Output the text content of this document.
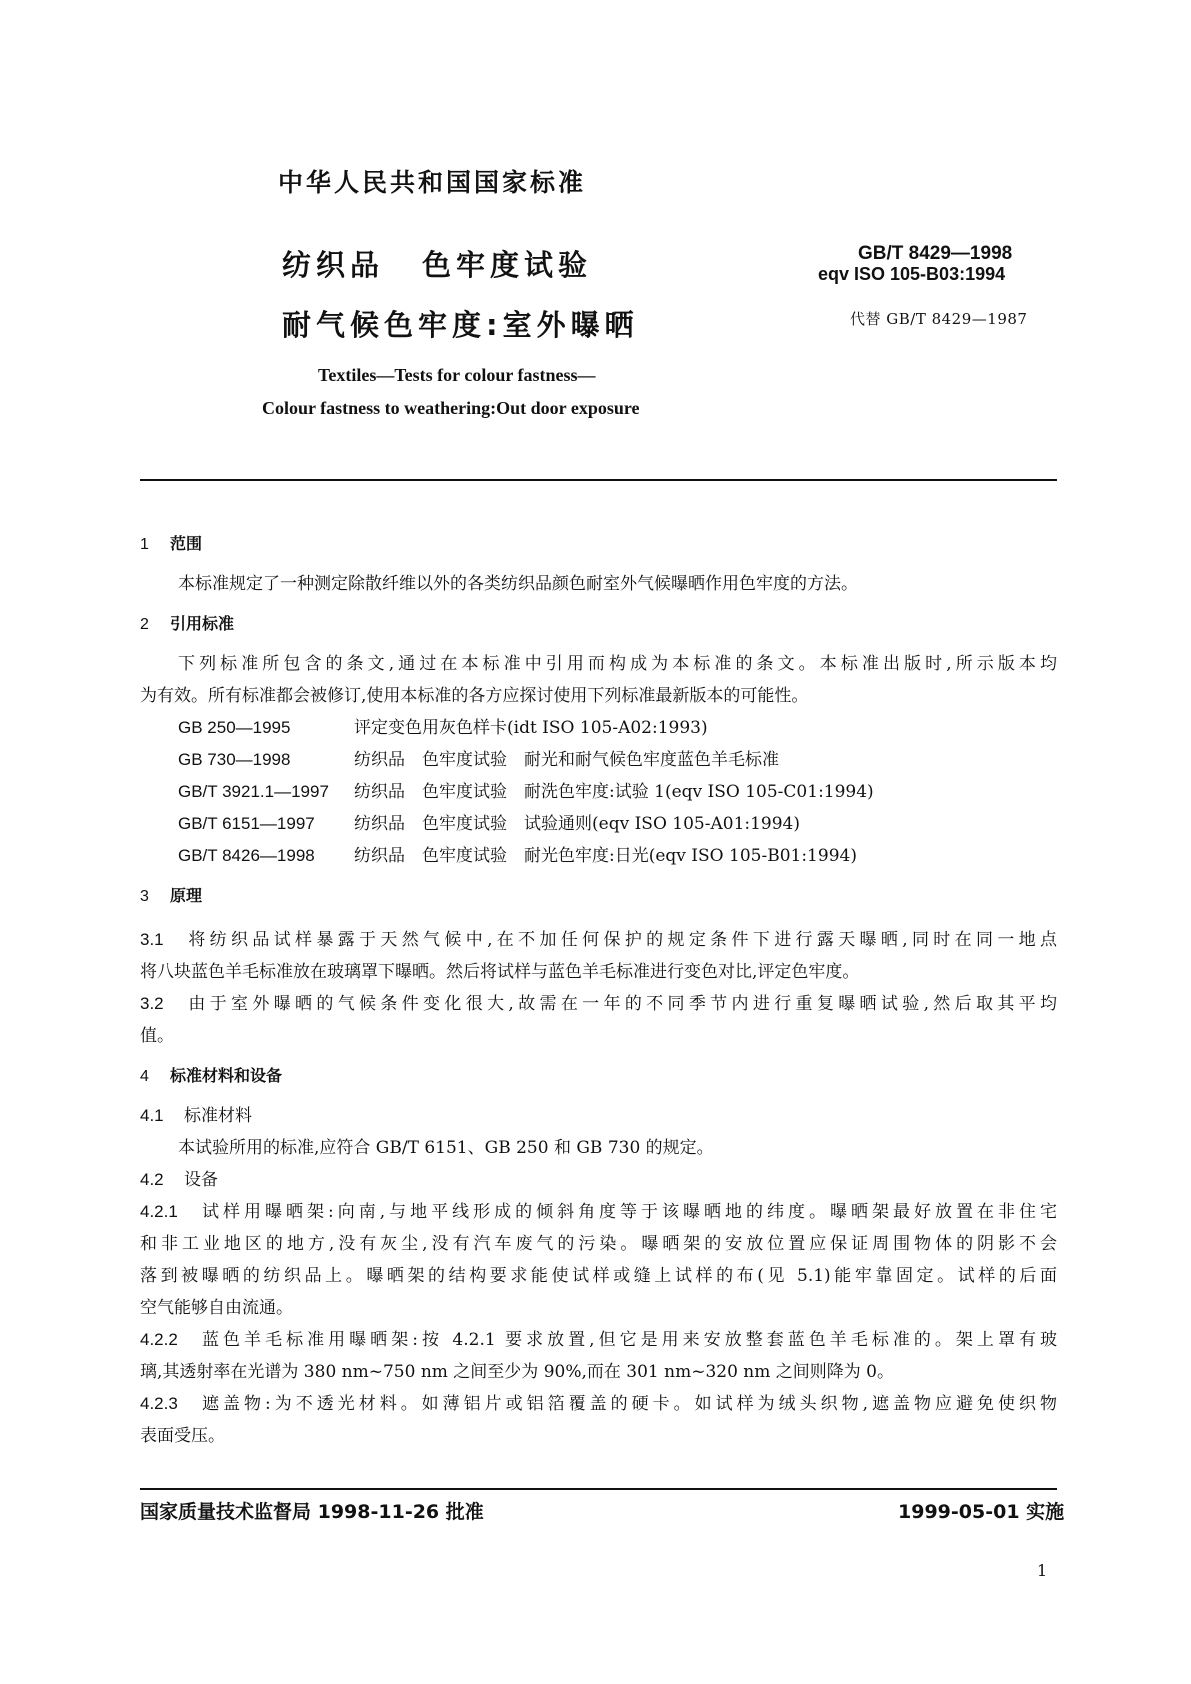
中华人民共和国国家标准
纺织品 色牢度试验
耐气候色牢度:室外曝晒
GB/T 8429—1998
eqv ISO 105-B03:1994
代替 GB/T 8429—1987
Textiles—Tests for colour fastness—
Colour fastness to weathering:Out door exposure
1 范围
本标准规定了一种测定除散纤维以外的各类纺织品颜色耐室外气候曝晒作用色牢度的方法。
2 引用标准
下列标准所包含的条文,通过在本标准中引用而构成为本标准的条文。本标准出版时,所示版本均
为有效。所有标准都会被修订,使用本标准的各方应探讨使用下列标准最新版本的可能性。
GB 250—1995	评定变色用灰色样卡(idt ISO 105-A02:1993)
GB 730—1998	纺织品　色牢度试验　耐光和耐气候色牢度蓝色羊毛标准
GB/T 3921.1—1997 纺织品　色牢度试验　耐洗色牢度:试验 1(eqv ISO 105-C01:1994)
GB/T 6151—1997 纺织品　色牢度试验　试验通则(eqv ISO 105-A01:1994)
GB/T 8426—1998 纺织品　色牢度试验　耐光色牢度:日光(eqv ISO 105-B01:1994)
3 原理
3.1 将纺织品试样暴露于天然气候中,在不加任何保护的规定条件下进行露天曝晒,同时在同一地点
将八块蓝色羊毛标准放在玻璃罩下曝晒。然后将试样与蓝色羊毛标准进行变色对比,评定色牢度。
3.2 由于室外曝晒的气候条件变化很大,故需在一年的不同季节内进行重复曝晒试验,然后取其平均
值。
4 标准材料和设备
4.1 标准材料
本试验所用的标准,应符合 GB/T 6151、GB 250 和 GB 730 的规定。
4.2 设备
4.2.1 试样用曝晒架:向南,与地平线形成的倾斜角度等于该曝晒地的纬度。曝晒架最好放置在非住宅
和非工业地区的地方,没有灰尘,没有汽车废气的污染。曝晒架的安放位置应保证周围物体的阴影不会
落到被曝晒的纺织品上。曝晒架的结构要求能使试样或缝上试样的布(见 5.1)能牢靠固定。试样的后面
空气能够自由流通。
4.2.2 蓝色羊毛标准用曝晒架:按 4.2.1 要求放置,但它是用来安放整套蓝色羊毛标准的。架上罩有玻
璃,其透射率在光谱为 380 nm~750 nm 之间至少为 90%,而在 301 nm~320 nm 之间则降为 0。
4.2.3 遮盖物:为不透光材料。如薄铝片或铝箔覆盖的硬卡。如试样为绒头织物,遮盖物应避免使织物
表面受压。
国家质量技术监督局 1998-11-26 批准	1999-05-01 实施
1
